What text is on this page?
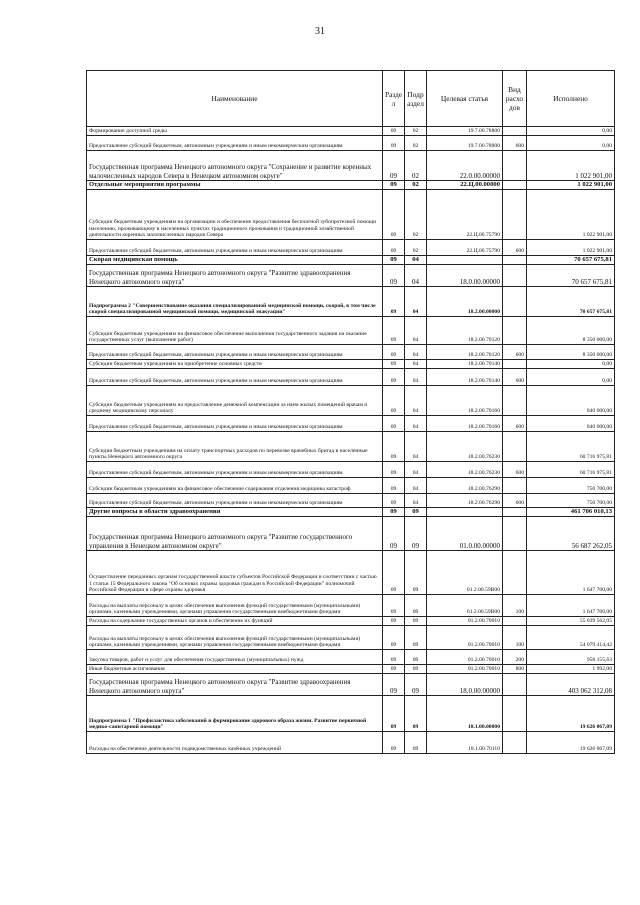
31
Наименование	Разде л	Подр аздел	Целевая статья	Вид расхо дов	Исполнено
Формирование доступной среды	09	02	19.7.00.78800		0,00
Предоставление субсидий бюджетным, автономным учреждениям и иным некоммерческим организациям	09	02	19.7.00.78800	600	0,00
Государственная программа Ненецкого автономного округа "Сохранение и развитие коренных малочисленных народов Севера в Ненецком автономном округе"	09	02	22.0.00.00000		1 022 901,00
Отдельные мероприятия программы	09	02	22.Ц.00.00000		1 022 901,00
Субсидии бюджетным учреждениям на организацию и обеспечение предоставления бесплатной зубопротезной помощи населению, проживающему в населенных пунктах традиционного проживания и традиционной хозяйственной деятельности коренных малочисленных народов Севера	09	02	22.Ц.00.75790		1 022 901,00
Предоставление субсидий бюджетным, автономным учреждениям и иным некоммерческим организациям	09	02	22.Ц.00.75790	600	1 022 901,00
Скорая медицинская помощь	09	04			70 657 675,81
Государственная программа Ненецкого автономного округа "Развитие здравоохранения Ненецкого автономного округа"	09	04	18.0.00.00000		70 657 675,81
Подпрограмма 2 "Совершенствование оказания специализированной медицинской помощи, скорой, в том числе скорой специализированной медицинской помощи, медицинской эвакуации"	09	04	18.2.00.00000		70 657 675,81
Субсидии бюджетным учреждениям на финансовое обеспечение выполнения государственного задания на оказание государственных услуг (выполнение работ)	09	04	18.2.00.70120		8 350 000,00
Предоставление субсидий бюджетным, автономным учреждениям и иным некоммерческим организациям	09	04	18.2.00.70120	600	8 350 000,00
Субсидии бюджетным учреждениям на приобретение основных средств	09	04	18.2.00.70140		0,00
Предоставление субсидий бюджетным, автономным учреждениям и иным некоммерческим организациям	09	04	18.2.00.70140	600	0,00
Субсидии бюджетным учреждениям на предоставление денежной компенсации за наем жилых помещений врачам и среднему медицинскому персоналу	09	04	18.2.00.70160		840 000,00
Предоставление субсидий бюджетным, автономным учреждениям и иным некоммерческим организациям	09	04	18.2.00.70160	600	840 000,00
Субсидия бюджетным учреждениям на оплату транспортных расходов по перевозке врачебных бригад в населенные пункты Ненецкого автономного округа	09	04	18.2.00.76230		60 716 975,81
Предоставление субсидий бюджетным, автономным учреждениям и иным некоммерческим организациям	09	04	18.2.00.76230	600	60 716 975,81
Субсидии бюджетным учреждениям на финансовое обеспечение содержания отделения медицины катастроф	09	04	18.2.00.76290		750 700,00
Предоставление субсидий бюджетным, автономным учреждениям и иным некоммерческим организациям	09	04	18.2.00.76290	600	750 700,00
Другие вопросы в области здравоохранения	09	09			461 706 010,13
Государственная программа Ненецкого автономного округа "Развитие государственного управления в Ненецком автономном округе"	09	09	01.0.00.00000		56 687 262,05
Осуществление переданных органам государственной власти субъектов Российской Федерации в соответствии с частью 1 статьи 15 Федерального закона "Об основах охраны здоровья граждан в Российской Федерации" полномочий Российской Федерации в сфере охраны здоровья	09	09	01.2.00.59В00		1 647 700,00
Расходы на выплаты персоналу в целях обеспечения выполнения функций государственными (муниципальными) органами, казенными учреждениями, органами управления государственными внебюджетными фондами	09	09	01.2.00.59В00	100	1 647 700,00
Расходы на содержание государственных органов и обеспечение их функций	09	09	01.2.00.70010		55 039 562,05
Расходы на выплаты персоналу в целях обеспечения выполнения функций государственными (муниципальными) органами, казенными учреждениями, органами управления государственными внебюджетными фондами	09	09	01.2.00.70010	100	54 079 414,42
Закупка товаров, работ и услуг для обеспечения государственных (муниципальных) нужд	09	09	01.2.00.70010	200	958 155,63
Иные бюджетные ассигнования	09	09	01.2.00.70010	800	1 992,00
Государственная программа Ненецкого автономного округа "Развитие здравоохранения Ненецкого автономного округа"	09	09	18.0.00.00000		403 062 312,08
Подпрограмма 1 "Профилактика заболеваний и формирование здорового образа жизни. Развитие первичной медико-санитарной помощи"	09	09	18.1.00.00000		19 626 067,09
Расходы на обеспечение деятельности подведомственных казённых учреждений	09	09	18.1.00.70110		19 626 067,09
